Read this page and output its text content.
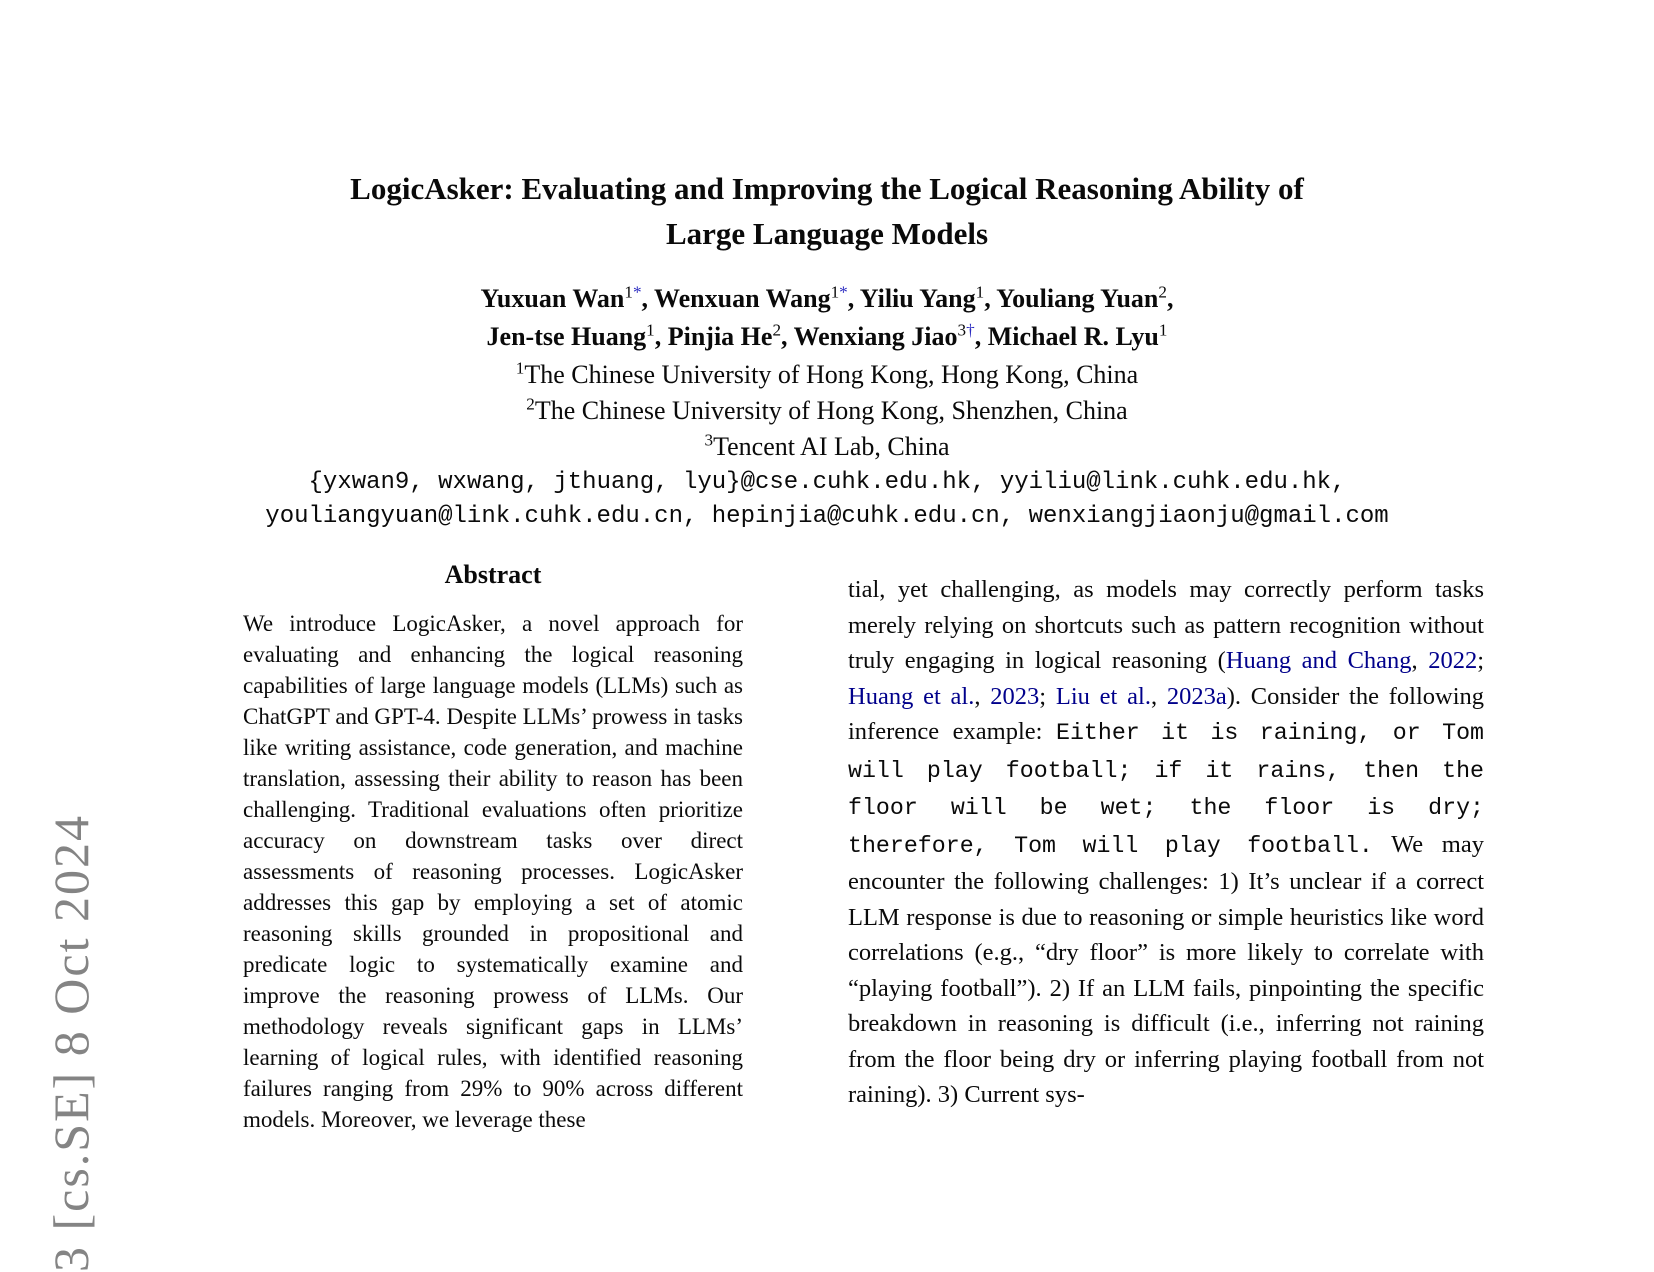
3 [cs.SE] 8 Oct 2024
LogicAsker: Evaluating and Improving the Logical Reasoning Ability of
Large Language Models
Yuxuan Wan$^{1*}$, Wenxuan Wang$^{1*}$, Yiliu Yang$^1$, Youliang Yuan$^2$,
Jen-tse Huang$^1$, Pinjia He$^2$, Wenxiang Jiao$^{3\dagger}$, Michael R. Lyu$^1$
$^1$The Chinese University of Hong Kong, Hong Kong, China
$^2$The Chinese University of Hong Kong, Shenzhen, China
$^3$Tencent AI Lab, China
{yxwan9, wxwang, jthuang, lyu}@cse.cuhk.edu.hk, yyiliu@link.cuhk.edu.hk,
youliangyuan@link.cuhk.edu.cn, hepinjia@cuhk.edu.cn, wenxiangjiaonju@gmail.com
Abstract
We introduce LogicAsker, a novel approach for evaluating and enhancing the logical reasoning capabilities of large language models (LLMs) such as ChatGPT and GPT-4. Despite LLMs’ prowess in tasks like writing assistance, code generation, and machine translation, assessing their ability to reason has been challenging. Traditional evaluations often prioritize accuracy on downstream tasks over direct assessments of reasoning processes. LogicAsker addresses this gap by employing a set of atomic reasoning skills grounded in propositional and predicate logic to systematically examine and improve the reasoning prowess of LLMs. Our methodology reveals significant gaps in LLMs’ learning of logical rules, with identified reasoning failures ranging from 29% to 90% across different models. Moreover, we leverage these
tial, yet challenging, as models may correctly perform tasks merely relying on shortcuts such as pattern recognition without truly engaging in logical reasoning (Huang and Chang, 2022; Huang et al., 2023; Liu et al., 2023a). Consider the following inference example: Either it is raining, or Tom will play football; if it rains, then the floor will be wet; the floor is dry; therefore, Tom will play football. We may encounter the following challenges: 1) It’s unclear if a correct LLM response is due to reasoning or simple heuristics like word correlations (e.g., “dry floor” is more likely to correlate with “playing football”). 2) If an LLM fails, pinpointing the specific breakdown in reasoning is difficult (i.e., inferring not raining from the floor being dry or inferring playing football from not raining). 3) Current sys-
